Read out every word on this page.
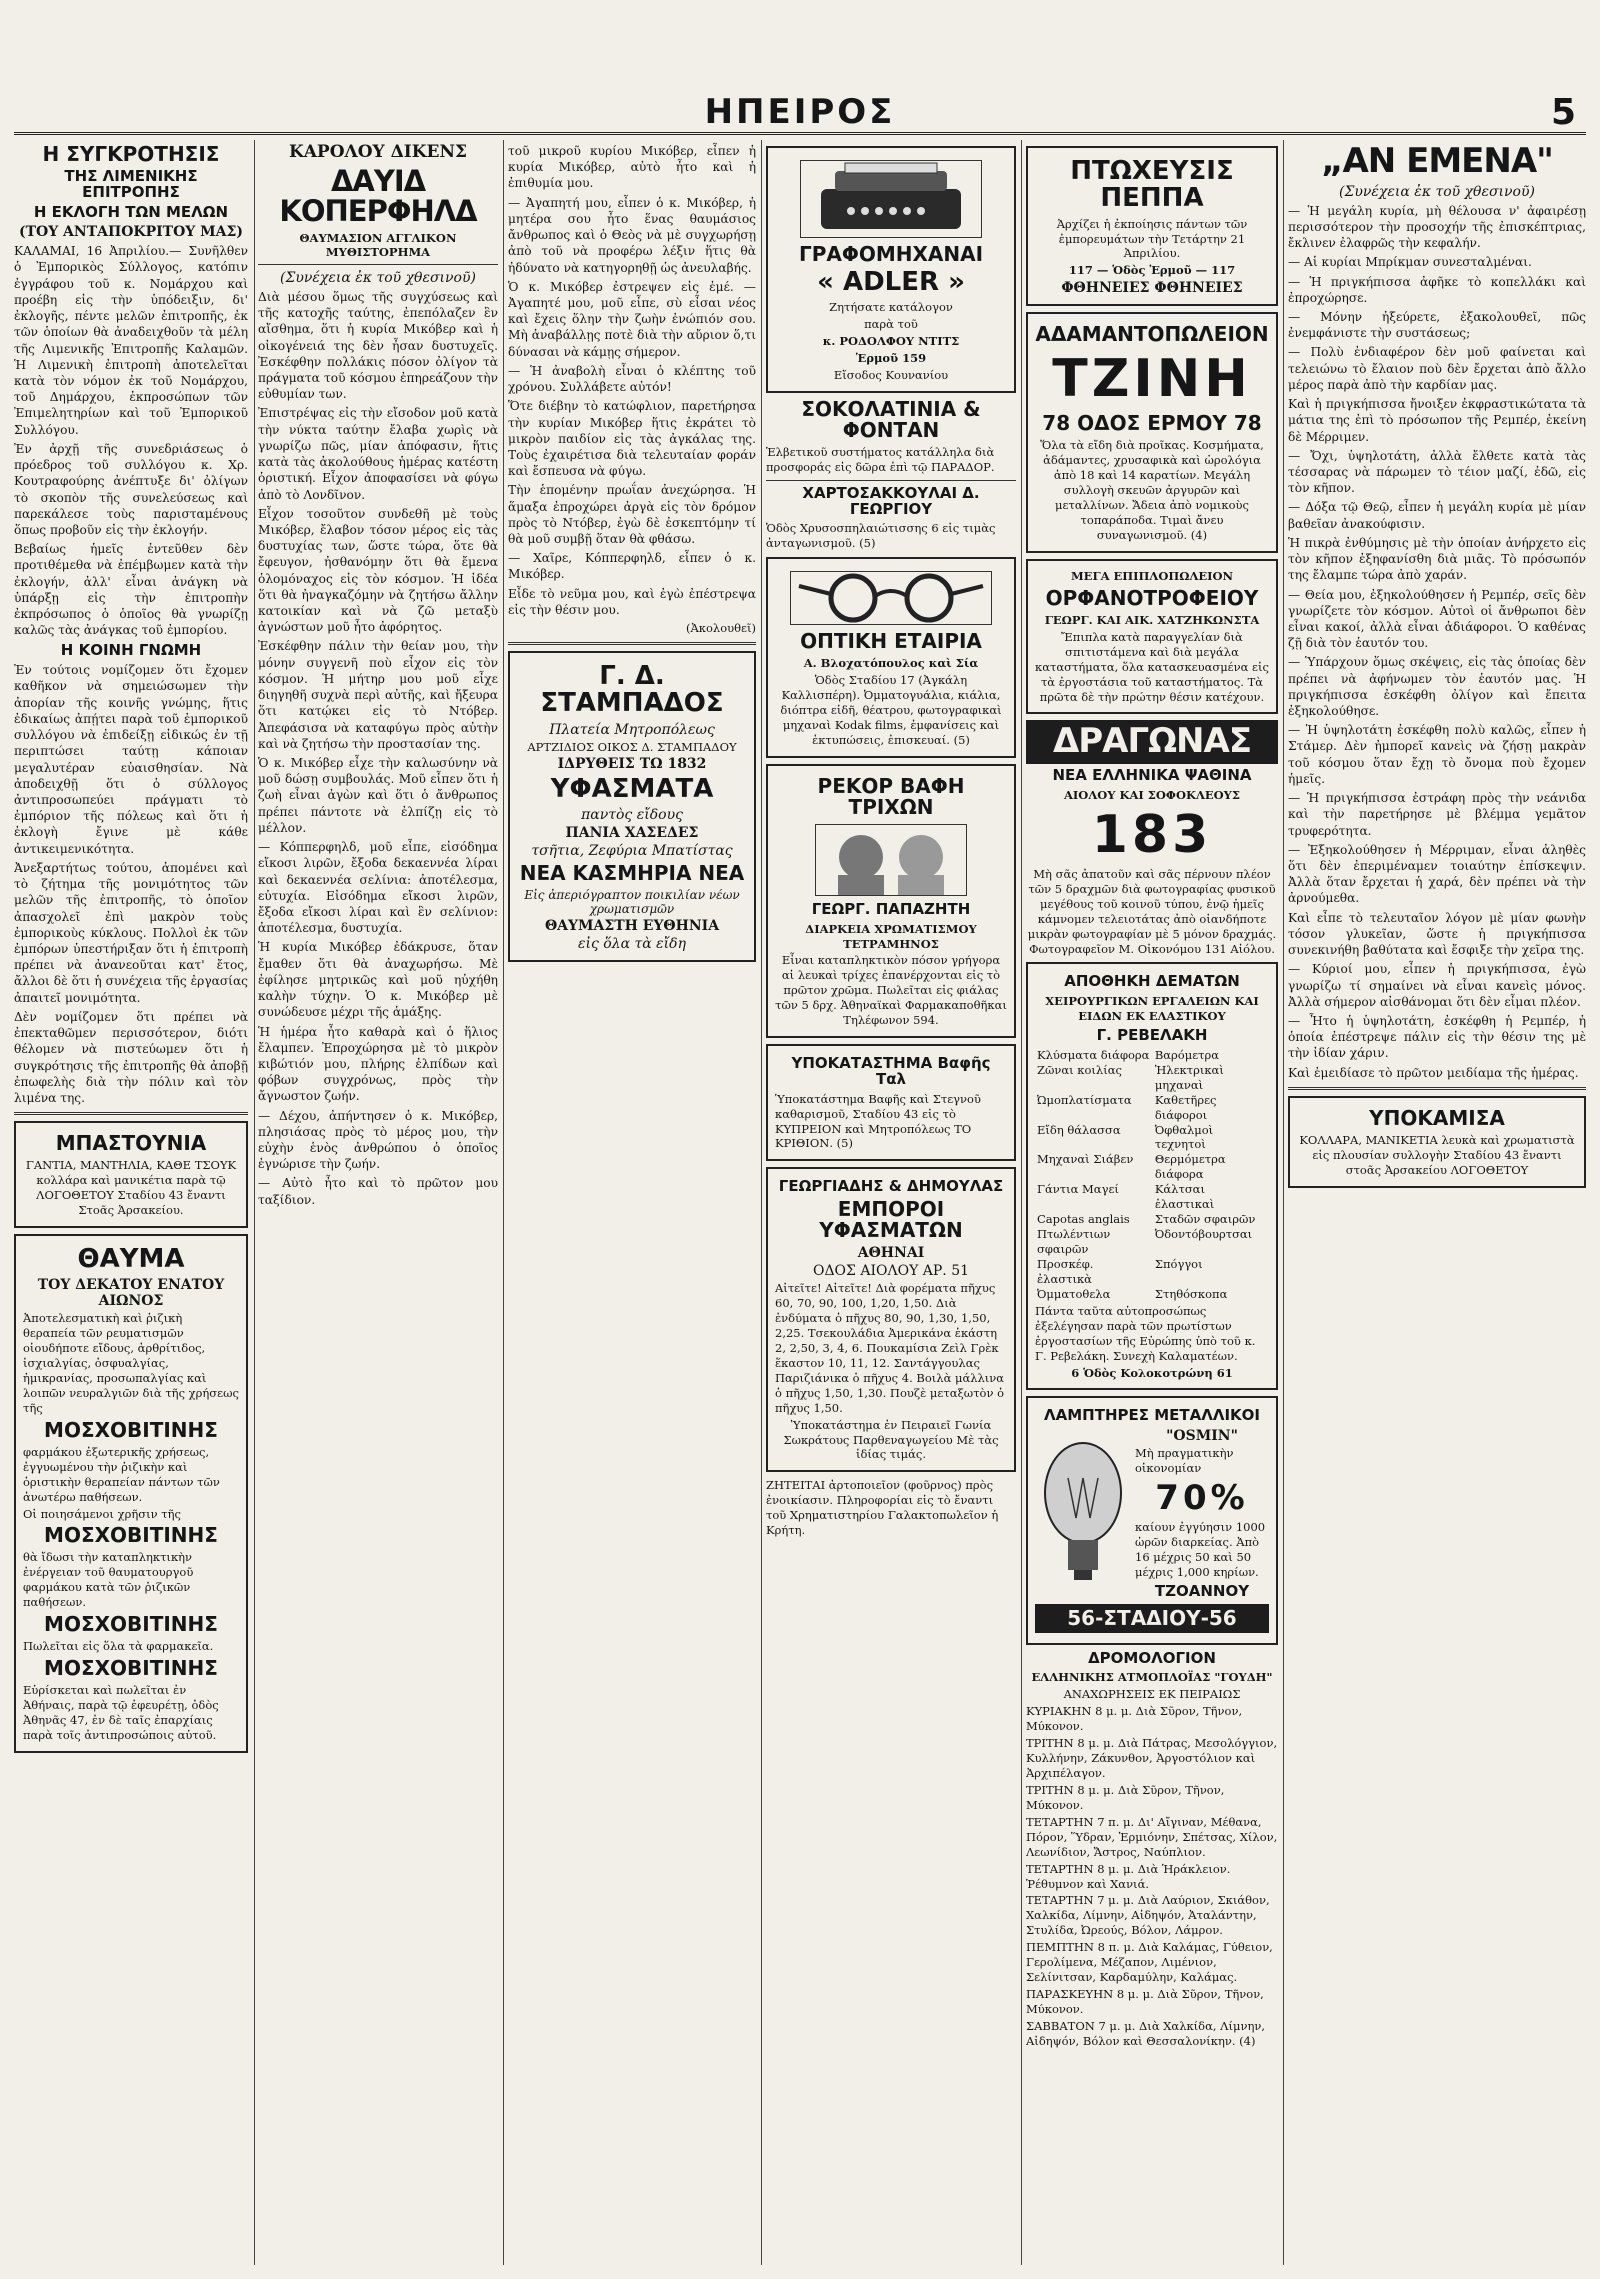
ΗΠΕΙΡΟΣ	5
Η ΣΥΓΚΡΟΤΗΣΙΣ
ΤΗΣ ΛΙΜΕΝΙΚΗΣ ΕΠΙΤΡΟΠΗΣ
Η ΕΚΛΟΓΗ ΤΩΝ ΜΕΛΩΝ
(ΤΟΥ ΑΝΤΑΠΟΚΡΙΤΟΥ ΜΑΣ)
ΚΑΛΑΜΑΙ, 16 Ἀπριλίου.— Συνῆλθεν ὁ Ἐμπορικὸς Σύλλογος, κατόπιν ἐγγράφου τοῦ κ. Νομάρχου καὶ προέβη εἰς τὴν ὑπόδειξιν, δι' ἐκλογῆς, πέντε μελῶν ἐπιτροπῆς, ἐκ τῶν ὁποίων θὰ ἀναδειχθοῦν τὰ μέλη τῆς Λιμενικῆς Ἐπιτροπῆς Καλαμῶν. Ἡ Λιμενικὴ ἐπιτροπὴ ἀποτελεῖται κατὰ τὸν νόμον ἐκ τοῦ Νομάρχου, τοῦ Δημάρχου, ἐκπροσώπων τῶν Ἐπιμελητηρίων καὶ τοῦ Ἐμπορικοῦ Συλλόγου.
Ἐν ἀρχῇ τῆς συνεδριάσεως ὁ πρόεδρος τοῦ συλλόγου κ. Χρ. Κουτραφούρης ἀνέπτυξε δι' ὀλίγων τὸ σκοπὸν τῆς συνελεύσεως καὶ παρεκάλεσε τοὺς παρισταμένους ὅπως προβοῦν εἰς τὴν ἐκλογήν.
Βεβαίως ἡμεῖς ἐντεῦθεν δὲν προτιθέμεθα νὰ ἐπέμβωμεν κατὰ τὴν ἐκλογήν, ἀλλ' εἶναι ἀνάγκη νὰ ὑπάρξῃ εἰς τὴν ἐπιτροπὴν ἐκπρόσωπος ὁ ὁποῖος θὰ γνωρίζῃ καλῶς τὰς ἀνάγκας τοῦ ἐμπορίου.
Η ΚΟΙΝΗ ΓΝΩΜΗ
Ἐν τούτοις νομίζομεν ὅτι ἔχομεν καθῆκον νὰ σημειώσωμεν τὴν ἀπορίαν τῆς κοινῆς γνώμης, ἥτις ἐδικαίως ἀπῄτει παρὰ τοῦ ἐμπορικοῦ συλλόγου νὰ ἐπιδείξῃ εἰδικώς ἐν τῇ περιπτώσει ταύτῃ κάποιαν μεγαλυτέραν εὐαισθησίαν. Νὰ ἀποδειχθῇ ὅτι ὁ σύλλογος ἀντιπροσωπεύει πράγματι τὸ ἐμπόριον τῆς πόλεως καὶ ὅτι ἡ ἐκλογὴ ἔγινε μὲ κάθε ἀντικειμενικότητα.
Ἀνεξαρτήτως τούτου, ἀπομένει καὶ τὸ ζήτημα τῆς μονιμότητος τῶν μελῶν τῆς ἐπιτροπῆς, τὸ ὁποῖον ἀπασχολεῖ ἐπὶ μακρὸν τοὺς ἐμπορικοὺς κύκλους. Πολλοὶ ἐκ τῶν ἐμπόρων ὑπεστήριξαν ὅτι ἡ ἐπιτροπὴ πρέπει νὰ ἀνανεοῦται κατ' ἔτος, ἄλλοι δὲ ὅτι ἡ συνέχεια τῆς ἐργασίας ἀπαιτεῖ μονιμότητα.
Δὲν νομίζομεν ὅτι πρέπει νὰ ἐπεκταθῶμεν περισσότερον, διότι θέλομεν νὰ πιστεύωμεν ὅτι ἡ συγκρότησις τῆς ἐπιτροπῆς θὰ ἀποβῇ ἐπωφελὴς διὰ τὴν πόλιν καὶ τὸν λιμένα της.
ΜΠΑΣΤΟΥΝΙΑ
ΓΑΝΤΙΑ, ΜΑΝΤΗΛΙΑ, ΚΑΘΕ ΤΣΟΥΚ κολλάρα καὶ μανικέτια παρὰ τῷ ΛΟΓΟΘΕΤΟΥ Σταδίου 43 ἔναντι Στοᾶς Ἀρσακείου.
ΘΑΥΜΑ
ΤΟΥ ΔΕΚΑΤΟΥ ΕΝΑΤΟΥ ΑΙΩΝΟΣ
Ἀποτελεσματικὴ καὶ ῥιζικὴ θεραπεία τῶν ρευματισμῶν οἱουδήποτε εἴδους, ἀρθρίτιδος, ἰσχιαλγίας, ὀσφυαλγίας, ἡμικρανίας, προσωπαλγίας καὶ λοιπῶν νευραλγιῶν διὰ τῆς χρήσεως τῆς
ΜΟΣΧΟΒΙΤΙΝΗΣ
φαρμάκου ἐξωτερικῆς χρήσεως, ἐγγυωμένου τὴν ῥιζικὴν καὶ ὁριστικὴν θεραπείαν πάντων τῶν ἀνωτέρω παθήσεων.
Οἱ ποιησάμενοι χρῆσιν τῆς
ΜΟΣΧΟΒΙΤΙΝΗΣ
θὰ ἴδωσι τὴν καταπληκτικὴν ἐνέργειαν τοῦ θαυματουργοῦ φαρμάκου κατὰ τῶν ῥιζικῶν παθήσεων.
ΜΟΣΧΟΒΙΤΙΝΗΣ
Πωλεῖται εἰς ὅλα τὰ φαρμακεῖα.
ΜΟΣΧΟΒΙΤΙΝΗΣ
Εὑρίσκεται καὶ πωλεῖται ἐν Ἀθήναις, παρὰ τῷ ἐφευρέτῃ, ὁδὸς Ἀθηνᾶς 47, ἐν δὲ ταῖς ἐπαρχίαις παρὰ τοῖς ἀντιπροσώποις αὐτοῦ.
ΚΑΡΟΛΟΥ ΔΙΚΕΝΣ
ΔΑΥΙΔ ΚΟΠΕΡΦΗΛΔ
ΘΑΥΜΑΣΙΟΝ ΑΓΓΛΙΚΟΝ ΜΥΘΙΣΤΟΡΗΜΑ
(Συνέχεια ἐκ τοῦ χθεσινοῦ)
Διὰ μέσου ὅμως τῆς συγχύσεως καὶ τῆς κατοχῆς ταύτης, ἐπεπόλαζεν ἓν αἴσθημα, ὅτι ἡ κυρία Μικόβερ καὶ ἡ οἰκογένειά της δὲν ἦσαν δυστυχεῖς. Ἐσκέφθην πολλάκις πόσον ὀλίγον τὰ πράγματα τοῦ κόσμου ἐπηρεάζουν τὴν εὐθυμίαν των.
Ἐπιστρέψας εἰς τὴν εἴσοδον μοῦ κατὰ τὴν νύκτα ταύτην ἔλαβα χωρὶς νὰ γνωρίζω πῶς, μίαν ἀπόφασιν, ἥτις κατὰ τὰς ἀκολούθους ἡμέρας κατέστη ὁριστική. Εἶχον ἀποφασίσει νὰ φύγω ἀπὸ τὸ Λονδῖνον.
Εἶχον τοσοῦτον συνδεθῆ μὲ τοὺς Μικόβερ, ἔλαβον τόσον μέρος εἰς τὰς δυστυχίας των, ὥστε τώρα, ὅτε θὰ ἔφευγον, ἠσθανόμην ὅτι θὰ ἔμενα ὁλομόναχος εἰς τὸν κόσμον. Ἡ ἰδέα ὅτι θὰ ἠναγκαζόμην νὰ ζητήσω ἄλλην κατοικίαν καὶ νὰ ζῶ μεταξὺ ἀγνώστων μοῦ ἦτο ἀφόρητος.
Ἐσκέφθην πάλιν τὴν θείαν μου, τὴν μόνην συγγενῆ ποὺ εἶχον εἰς τὸν κόσμον. Ἡ μήτηρ μου μοῦ εἶχε διηγηθῆ συχνὰ περὶ αὐτῆς, καὶ ἤξευρα ὅτι κατῴκει εἰς τὸ Ντόβερ. Ἀπεφάσισα νὰ καταφύγω πρὸς αὐτὴν καὶ νὰ ζητήσω τὴν προστασίαν της.
Ὁ κ. Μικόβερ εἶχε τὴν καλωσύνην νὰ μοῦ δώσῃ συμβουλάς. Μοῦ εἶπεν ὅτι ἡ ζωὴ εἶναι ἀγὼν καὶ ὅτι ὁ ἄνθρωπος πρέπει πάντοτε νὰ ἐλπίζῃ εἰς τὸ μέλλον.
— Κόππερφηλδ, μοῦ εἶπε, εἰσόδημα εἴκοσι λιρῶν, ἔξοδα δεκαεννέα λίραι καὶ δεκαεννέα σελίνια: ἀποτέλεσμα, εὐτυχία. Εἰσόδημα εἴκοσι λιρῶν, ἔξοδα εἴκοσι λίραι καὶ ἓν σελίνιον: ἀποτέλεσμα, δυστυχία.
Ἡ κυρία Μικόβερ ἐδάκρυσε, ὅταν ἔμαθεν ὅτι θὰ ἀναχωρήσω. Μὲ ἐφίλησε μητρικῶς καὶ μοῦ ηὐχήθη καλὴν τύχην. Ὁ κ. Μικόβερ μὲ συνώδευσε μέχρι τῆς ἁμάξης.
Ἡ ἡμέρα ἦτο καθαρὰ καὶ ὁ ἥλιος ἔλαμπεν. Ἐπροχώρησα μὲ τὸ μικρὸν κιβώτιόν μου, πλήρης ἐλπίδων καὶ φόβων συγχρόνως, πρὸς τὴν ἄγνωστον ζωήν.
— Δέχου, ἀπήντησεν ὁ κ. Μικόβερ, πλησιάσας πρὸς τὸ μέρος μου, τὴν εὐχὴν ἑνὸς ἀνθρώπου ὁ ὁποῖος ἐγνώρισε τὴν ζωήν.
— Αὐτὸ ἦτο καὶ τὸ πρῶτον μου ταξίδιον.
τοῦ μικροῦ κυρίου Μικόβερ, εἶπεν ἡ κυρία Μικόβερ, αὐτὸ ἦτο καὶ ἡ ἐπιθυμία μου.
— Ἀγαπητή μου, εἶπεν ὁ κ. Μικόβερ, ἡ μητέρα σου ἦτο ἕνας θαυμάσιος ἄνθρωπος καὶ ὁ Θεὸς νὰ μὲ συγχωρήσῃ ἀπὸ τοῦ νὰ προφέρω λέξιν ἥτις θὰ ἠδύνατο νὰ κατηγορηθῇ ὡς ἀνευλαβής.
Ὁ κ. Μικόβερ ἐστρεψεν εἰς ἐμέ. — Ἀγαπητέ μου, μοῦ εἶπε, σὺ εἶσαι νέος καὶ ἔχεις ὅλην τὴν ζωὴν ἐνώπιόν σου. Μὴ ἀναβάλλῃς ποτὲ διὰ τὴν αὔριον ὅ,τι δύνασαι νὰ κάμῃς σήμερον.
— Ἡ ἀναβολὴ εἶναι ὁ κλέπτης τοῦ χρόνου. Συλλάβετε αὐτόν!
Ὅτε διέβην τὸ κατώφλιον, παρετήρησα τὴν κυρίαν Μικόβερ ἥτις ἐκράτει τὸ μικρὸν παιδίον εἰς τὰς ἀγκάλας της. Τοὺς ἐχαιρέτισα διὰ τελευταίαν φοράν καὶ ἔσπευσα νὰ φύγω.
Τὴν ἑπομένην πρωΐαν ἀνεχώρησα. Ἡ ἅμαξα ἐπροχώρει ἀργὰ εἰς τὸν δρόμον πρὸς τὸ Ντόβερ, ἐγὼ δὲ ἐσκεπτόμην τί θὰ μοῦ συμβῇ ὅταν θὰ φθάσω.
— Χαῖρε, Κόππερφηλδ, εἶπεν ὁ κ. Μικόβερ.
Εἶδε τὸ νεῦμα μου, καὶ ἐγὼ ἐπέστρεψα εἰς τὴν θέσιν μου.
(Ἀκολουθεῖ)
Γ. Δ. ΣΤΑΜΠΑΔΟΣ
Πλατεία Μητροπόλεως
ΑΡΤΖΙΔΙΟΣ ΟΙΚΟΣ Δ. ΣΤΑΜΠΑΔΟΥ
ΙΔΡΥΘΕΙΣ ΤΩ 1832
ΥΦΑΣΜΑΤΑ
παντὸς εἴδους
ΠΑΝΙΑ ΧΑΣΕΔΕΣ
τσῆτια, Ζεφύρια Μπατίστας
ΝΕΑ ΚΑΣΜΗΡΙΑ ΝΕΑ
Εἰς ἀπεριόγραπτον ποικιλίαν νέων χρωματισμῶν
ΘΑΥΜΑΣΤΗ ΕΥΘΗΝΙΑ
εἰς ὅλα τὰ εἴδη
ΓΡΑΦΟΜΗΧΑΝΑΙ
« ADLER »
Ζητήσατε κατάλογον
παρὰ τοῦ
κ. ΡΟΔΟΛΦΟΥ ΝΤΙΤΣ
Ἑρμοῦ 159
Εἴσοδος Κουνανίου
ΣΟΚΟΛΑΤΙΝΙΑ & ΦΟΝΤΑΝ
Ἑλβετικοῦ συστήματος κατάλληλα διὰ προσφοράς εἰς δῶρα ἐπὶ τῷ ΠΑΡΑΔΟΡ.
ΧΑΡΤΟΣΑΚΚΟΥΛΑΙ Δ. ΓΕΩΡΓΙΟΥ
Ὁδὸς Χρυσοσπηλαιώτισσης 6 εἰς τιμὰς ἀνταγωνισμοῦ. (5)
ΟΠΤΙΚΗ ΕΤΑΙΡΙΑ
Α. Βλοχατόπουλος καὶ Σία
Ὁδὸς Σταδίου 17 (Ἀγκάλη Καλλισπέρη). Ὀμματογυάλια, κιάλια, διόπτρα εἰδῆ, θέατρου, φωτογραφικαὶ μηχαναὶ Kodak films, ἐμφανίσεις καὶ ἐκτυπώσεις, ἐπισκευαί. (5)
ΡΕΚΟΡ ΒΑΦΗ ΤΡΙΧΩΝ
ΓΕΩΡΓ. ΠΑΠΑΖΗΤΗ
ΔΙΑΡΚΕΙΑ ΧΡΩΜΑΤΙΣΜΟΥ ΤΕΤΡΑΜΗΝΟΣ
Εἶναι καταπληκτικὸν πόσον γρήγορα αἱ λευκαὶ τρίχες ἐπανέρχονται εἰς τὸ πρῶτον χρῶμα. Πωλεῖται εἰς φιάλας τῶν 5 δρχ. Ἀθηναϊκαὶ Φαρμακαποθῆκαι Τηλέφωνον 594.
ΥΠΟΚΑΤΑΣΤΗΜΑ Βαφῆς Ταλ
Ὑποκατάστημα Βαφῆς καὶ Στεγνοῦ καθαρισμοῦ, Σταδίου 43 εἰς τὸ ΚΥΠΡΕΙΟΝ καὶ Μητροπόλεως ΤΟ ΚΡΙΘΙΟΝ. (5)
ΓΕΩΡΓΙΑΔΗΣ & ΔΗΜΟΥΛΑΣ
ΕΜΠΟΡΟΙ ΥΦΑΣΜΑΤΩΝ
ΑΘΗΝΑΙ
ΟΔΟΣ ΑΙΟΛΟΥ ΑΡ. 51
Αἰτεῖτε! Αἰτεῖτε! Διὰ φορέματα πῆχυς 60, 70, 90, 100, 1,20, 1,50. Διὰ ἐνδύματα ὁ πῆχυς 80, 90, 1,30, 1,50, 2,25. Τσεκουλάδια Ἀμερικάνα ἑκάστη 2, 2,50, 3, 4, 6. Πουκαμίσια Ζεὶλ Γρὲκ ἕκαστον 10, 11, 12. Σαντάγγουλας Παριζιάνικα ὁ πῆχυς 4. Βοιλὰ μάλλινα ὁ πῆχυς 1,50, 1,30. Πουζὲ μεταξωτὸν ὁ πῆχυς 1,50.
Ὑποκατάστημα ἐν Πειραιεῖ Γωνία Σωκράτους Παρθεναγωγείου Μὲ τὰς ἰδίας τιμάς.
ΖΗΤΕΙΤΑΙ ἀρτοποιεῖον (φοῦρνος) πρὸς ἐνοικίασιν. Πληροφορίαι εἰς τὸ ἔναντι τοῦ Χρηματιστηρίου Γαλακτοπωλεῖον ἡ Κρήτη.
ΠΤΩΧΕΥΣΙΣ ΠΕΠΠΑ
Ἀρχίζει ἡ ἐκποίησις πάντων τῶν ἐμπορευμάτων τὴν Τετάρτην 21 Ἀπριλίου.
117 — Ὁδὸς Ἑρμοῦ — 117
ΦΘΗΝΕΙΕΣ ΦΘΗΝΕΙΕΣ
ΑΔΑΜΑΝΤΟΠΩΛΕΙΟΝ
ΤΖΙΝΗ
78 ΟΔΟΣ ΕΡΜΟΥ 78
Ὅλα τὰ εἴδη διὰ προῖκας. Κοσμήματα, ἀδάμαντες, χρυσαφικὰ καὶ ὡρολόγια ἀπὸ 18 καὶ 14 καρατίων. Μεγάλη συλλογὴ σκευῶν ἀργυρῶν καὶ μεταλλίνων. Ἄδεια ἀπὸ νομικοὺς τοπαράποδα. Τιμαὶ ἄνευ συναγωνισμοῦ. (4)
ΜΕΓΑ ΕΠΙΠΛΟΠΩΛΕΙΟΝ
ΟΡΦΑΝΟΤΡΟΦΕΙΟΥ
ΓΕΩΡΓ. ΚΑΙ ΑΙΚ. ΧΑΤΖΗΚΩΝΣΤΑ
Ἔπιπλα κατὰ παραγγελίαν διὰ σπιτιστάμενα καὶ διὰ μεγάλα καταστήματα, ὅλα κατασκευασμένα εἰς τὰ ἐργοστάσια τοῦ καταστήματος. Τὰ πρῶτα δὲ τὴν πρώτην θέσιν κατέχουν.
ΔΡΑΓΩΝΑΣ
ΝΕΑ ΕΛΛΗΝΙΚΑ ΨΑΘΙΝΑ
ΑΙΟΛΟΥ ΚΑΙ ΣΟΦΟΚΛΕΟΥΣ
183
Μὴ σᾶς ἀπατοῦν καὶ σᾶς πέρνουν πλέον τῶν 5 δραχμῶν διὰ φωτογραφίας φυσικοῦ μεγέθους τοῦ κοινοῦ τύπου, ἐνῷ ἡμεῖς κάμνομεν τελειοτάτας ἀπὸ οἱανδήποτε μικρὰν φωτογραφίαν μὲ 5 μόνον δραχμάς. Φωτογραφεῖον Μ. Οἰκονόμου 131 Αἰόλου.
ΑΠΟΘΗΚΗ ΔΕΜΑΤΩΝ
ΧΕΙΡΟΥΡΓΙΚΩΝ ΕΡΓΑΛΕΙΩΝ ΚΑΙ ΕΙΔΩΝ ΕΚ ΕΛΑΣΤΙΚΟΥ
Γ. ΡΕΒΕΛΑΚΗ
Κλύσματα διάφορα	Βαρόμετρα
Ζῶναι κοιλίας	Ἠλεκτρικαὶ μηχαναὶ
Ὠμοπλατίσματα	Καθετῆρες διάφοροι
Εἴδη θάλασσα	Ὀφθαλμοὶ τεχνητοὶ
Μηχαναὶ Σιάβεν	Θερμόμετρα διάφορα
Γάντια Μαγεί	Κάλτσαι ἐλαστικαὶ
Capotas anglais	Σταδῶν σφαιρῶν
Πτωλέντιων σφαιρῶν	Ὀδοντόβουρτσαι
Προσκέφ. ἐλαστικὰ	Σπόγγοι
Ὀμματοθελα	Στηθόσκοπα
Πάντα ταῦτα αὐτοπροσώπως ἐξελέγησαν παρὰ τῶν πρωτίστων ἐργοστασίων τῆς Εὐρώπης ὑπὸ τοῦ κ. Γ. Ρεβελάκη. Συνεχὴ Καλαματέων.
6 Ὁδὸς Κολοκοτρώνη 61
ΛΑΜΠΤΗΡΕΣ ΜΕΤΑΛΛΙΚΟΙ
"OSMIN"
Μὴ πραγματικὴν οἰκονομίαν
70%
καίουν ἐγγύησιν 1000 ὡρῶν διαρκείας. Ἀπὸ 16 μέχρις 50 καὶ 50 μέχρις 1,000 κηρίων.
ΤΖΟΑΝΝΟΥ
56-ΣΤΑΔΙΟΥ-56
ΔΡΟΜΟΛΟΓΙΟΝ
ΕΛΛΗΝΙΚΗΣ ΑΤΜΟΠΛΟΪΑΣ "ΓΟΥΔΗ"
ΑΝΑΧΩΡΗΣΕΙΣ ΕΚ ΠΕΙΡΑΙΩΣ
ΚΥΡΙΑΚΗΝ 8 μ. μ. Διὰ Σῦρον, Τῆνον, Μύκονον.
ΤΡΙΤΗΝ 8 μ. μ. Διὰ Πάτρας, Μεσολόγγιον, Κυλλήνην, Ζάκυνθον, Ἀργοστόλιον καὶ Ἀρχιπέλαγον.
ΤΡΙΤΗΝ 8 μ. μ. Διὰ Σῦρον, Τῆνον, Μύκονον.
ΤΕΤΑΡΤΗΝ 7 π. μ. Δι' Αἴγιναν, Μέθανα, Πόρον, Ὕδραν, Ἐρμιόνην, Σπέτσας, Χίλον, Λεωνίδιον, Ἄστρος, Ναύπλιον.
ΤΕΤΑΡΤΗΝ 8 μ. μ. Διὰ Ἡράκλειον. Ῥέθυμνον καὶ Χανιά.
ΤΕΤΑΡΤΗΝ 7 μ. μ. Διὰ Λαύριον, Σκιάθον, Χαλκίδα, Λίμνην, Αἰδηψόν, Ἀταλάντην, Στυλίδα, Ὠρεούς, Βόλον, Λάμρον.
ΠΕΜΠΤΗΝ 8 π. μ. Διὰ Καλάμας, Γύθειον, Γερολίμενα, Μέζαπον, Λιμένιον, Σελίνιτσαν, Καρδαμύλην, Καλάμας.
ΠΑΡΑΣΚΕΥΗΝ 8 μ. μ. Διὰ Σῦρον, Τῆνον, Μύκονον.
ΣΑΒΒΑΤΟΝ 7 μ. μ. Διὰ Χαλκίδα, Λίμνην, Αἰδηψόν, Βόλον καὶ Θεσσαλονίκην. (4)
„ΑΝ ΕΜΕΝΑ"
(Συνέχεια ἐκ τοῦ χθεσινοῦ)
— Ἡ μεγάλη κυρία, μὴ θέλουσα ν' ἀφαιρέσῃ περισσότερον τὴν προσοχήν τῆς ἐπισκέπτριας, ἔκλινεν ἐλαφρῶς τὴν κεφαλήν.
— Αἱ κυρίαι Μπρίκμαν συνεσταλμέναι.
— Ἡ πριγκήπισσα ἀφῆκε τὸ κοπελλάκι καὶ ἐπροχώρησε.
— Μόνην ἠξεύρετε, ἐξακολουθεῖ, πῶς ἐνεμφάνιστε τὴν συστάσεως;
— Πολὺ ἐνδιαφέρον δὲν μοῦ φαίνεται καὶ τελειώνω τὸ ἔλαιον ποὺ δὲν ἔρχεται ἀπὸ ἄλλο μέρος παρὰ ἀπὸ τὴν καρδίαν μας.
Καὶ ἡ πριγκήπισσα ἤνοιξεν ἐκφραστικώτατα τὰ μάτια της ἐπὶ τὸ πρόσωπον τῆς Ρεμπέρ, ἐκείνη δὲ Μέρριμεν.
— Ὄχι, ὑψηλοτάτη, ἀλλὰ ἔλθετε κατὰ τὰς τέσσαρας νὰ πάρωμεν τὸ τέιον μαζί, ἐδῶ, εἰς τὸν κῆπον.
— Δόξα τῷ Θεῷ, εἶπεν ἡ μεγάλη κυρία μὲ μίαν βαθεῖαν ἀνακούφισιν.
Ἡ πικρὰ ἐνθύμησις μὲ τὴν ὁποίαν ἀνήρχετο εἰς τὸν κῆπον ἐξηφανίσθη διὰ μιᾶς. Τὸ πρόσωπόν της ἔλαμπε τώρα ἀπὸ χαράν.
— Θεία μου, ἐξηκολούθησεν ἡ Ρεμπέρ, σεῖς δὲν γνωρίζετε τὸν κόσμον. Αὐτοὶ οἱ ἄνθρωποι δὲν εἶναι κακοί, ἀλλὰ εἶναι ἀδιάφοροι. Ὁ καθένας ζῇ διὰ τὸν ἑαυτόν του.
— Ὑπάρχουν ὅμως σκέψεις, εἰς τὰς ὁποίας δὲν πρέπει νὰ ἀφήνωμεν τὸν ἑαυτόν μας. Ἡ πριγκήπισσα ἐσκέφθη ὀλίγον καὶ ἔπειτα ἐξηκολούθησε.
— Ἡ ὑψηλοτάτη ἐσκέφθη πολὺ καλῶς, εἶπεν ἡ Στάμερ. Δὲν ἠμπορεῖ κανεὶς νὰ ζήσῃ μακρὰν τοῦ κόσμου ὅταν ἔχῃ τὸ ὄνομα ποὺ ἔχομεν ἡμεῖς.
— Ἡ πριγκήπισσα ἐστράφη πρὸς τὴν νεάνιδα καὶ τὴν παρετήρησε μὲ βλέμμα γεμᾶτον τρυφερότητα.
— Ἐξηκολούθησεν ἡ Μέρριμαν, εἶναι ἀληθὲς ὅτι δὲν ἐπεριμέναμεν τοιαύτην ἐπίσκεψιν. Ἀλλὰ ὅταν ἔρχεται ἡ χαρά, δὲν πρέπει νὰ τὴν ἀρνούμεθα.
Καὶ εἶπε τὸ τελευταῖον λόγον μὲ μίαν φωνὴν τόσον γλυκεῖαν, ὥστε ἡ πριγκήπισσα συνεκινήθη βαθύτατα καὶ ἔσφιξε τὴν χεῖρα της.
— Κύριοί μου, εἶπεν ἡ πριγκήπισσα, ἐγὼ γνωρίζω τί σημαίνει νὰ εἶναι κανεὶς μόνος. Ἀλλὰ σήμερον αἰσθάνομαι ὅτι δὲν εἶμαι πλέον.
— Ἦτο ἡ ὑψηλοτάτη, ἐσκέφθη ἡ Ρεμπέρ, ἡ ὁποία ἐπέστρεψε πάλιν εἰς τὴν θέσιν της μὲ τὴν ἰδίαν χάριν.
Καὶ ἐμειδίασε τὸ πρῶτον μειδίαμα τῆς ἡμέρας.
ΥΠΟΚΑΜΙΣΑ
ΚΟΛΛΑΡΑ, ΜΑΝΙΚΕΤΙΑ λευκὰ καὶ χρωματιστὰ εἰς πλουσίαν συλλογὴν Σταδίου 43 ἔναντι στοᾶς Ἀρσακείου ΛΟΓΟΘΕΤΟΥ
